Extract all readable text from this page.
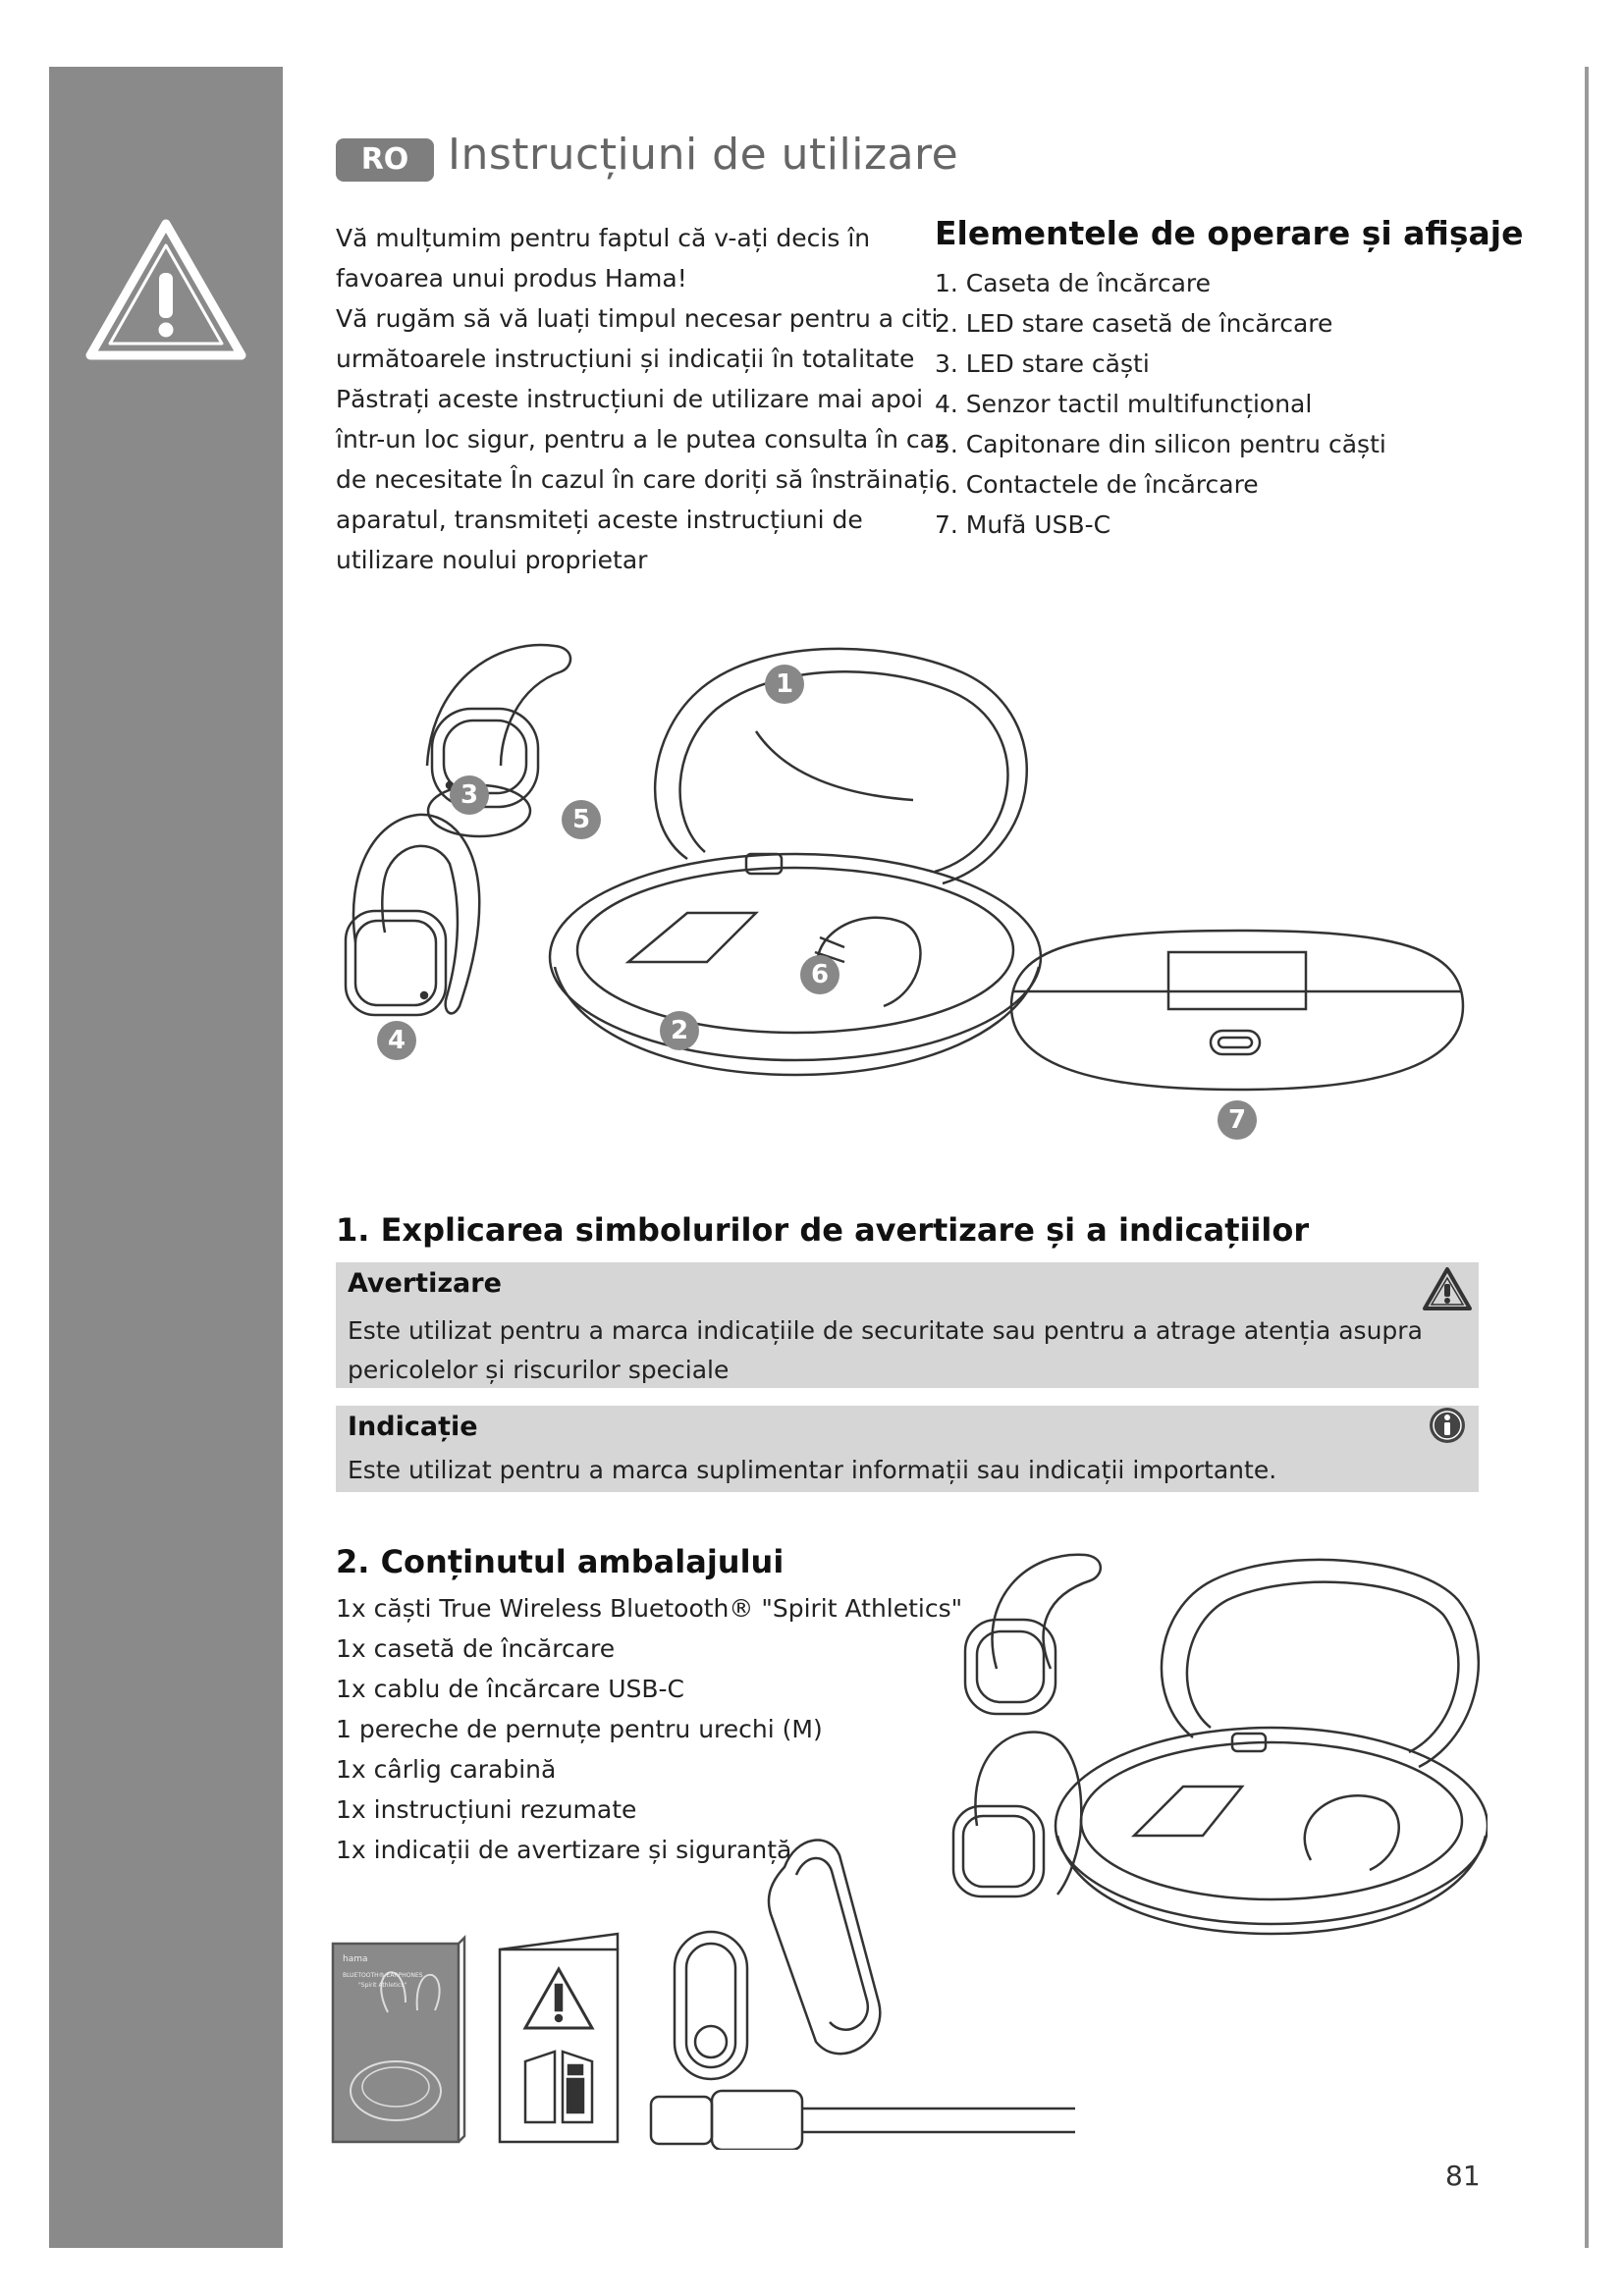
RO Instrucțiuni de utilizare

Vă mulțumim pentru faptul că v-ați decis în

favoarea unui produs Hama!

Vă rugăm să vă luați timpul necesar pentru a citi

următoarele instrucțiuni și indicații în totalitate

Păstrați aceste instrucțiuni de utilizare mai apoi

într-un loc sigur, pentru a le putea consulta în caz

de necesitate În cazul în care doriți să înstrăinați

aparatul, transmiteți aceste instrucțiuni de

utilizare noului proprietar

Elementele de operare și afișaje
1. Caseta de încărcare
2. LED stare casetă de încărcare
3. LED stare căști
4. Senzor tactil multifuncțional
5. Capitonare din silicon pentru căști
6. Contactele de încărcare
7. Mufă USB-C
1
2
3
4
5
6
7
1. Explicarea simbolurilor de avertizare și a indicațiilor
Avertizare
Este utilizat pentru a marca indicațiile de securitate sau pentru a atrage atenția asupra pericolelor și riscurilor speciale
Indicație
Este utilizat pentru a marca suplimentar informații sau indicații importante.
2. Conținutul ambalajului
1x căști True Wireless Bluetooth® "Spirit Athletics"
1x casetă de încărcare
1x cablu de încărcare USB-C
1 pereche de pernuțe pentru urechi (M)
1x cârlig carabină
1x instrucțiuni rezumate
1x indicații de avertizare și siguranță
hama
BLUETOOTH® EARPHONES
"Spirit Athletics"
81
